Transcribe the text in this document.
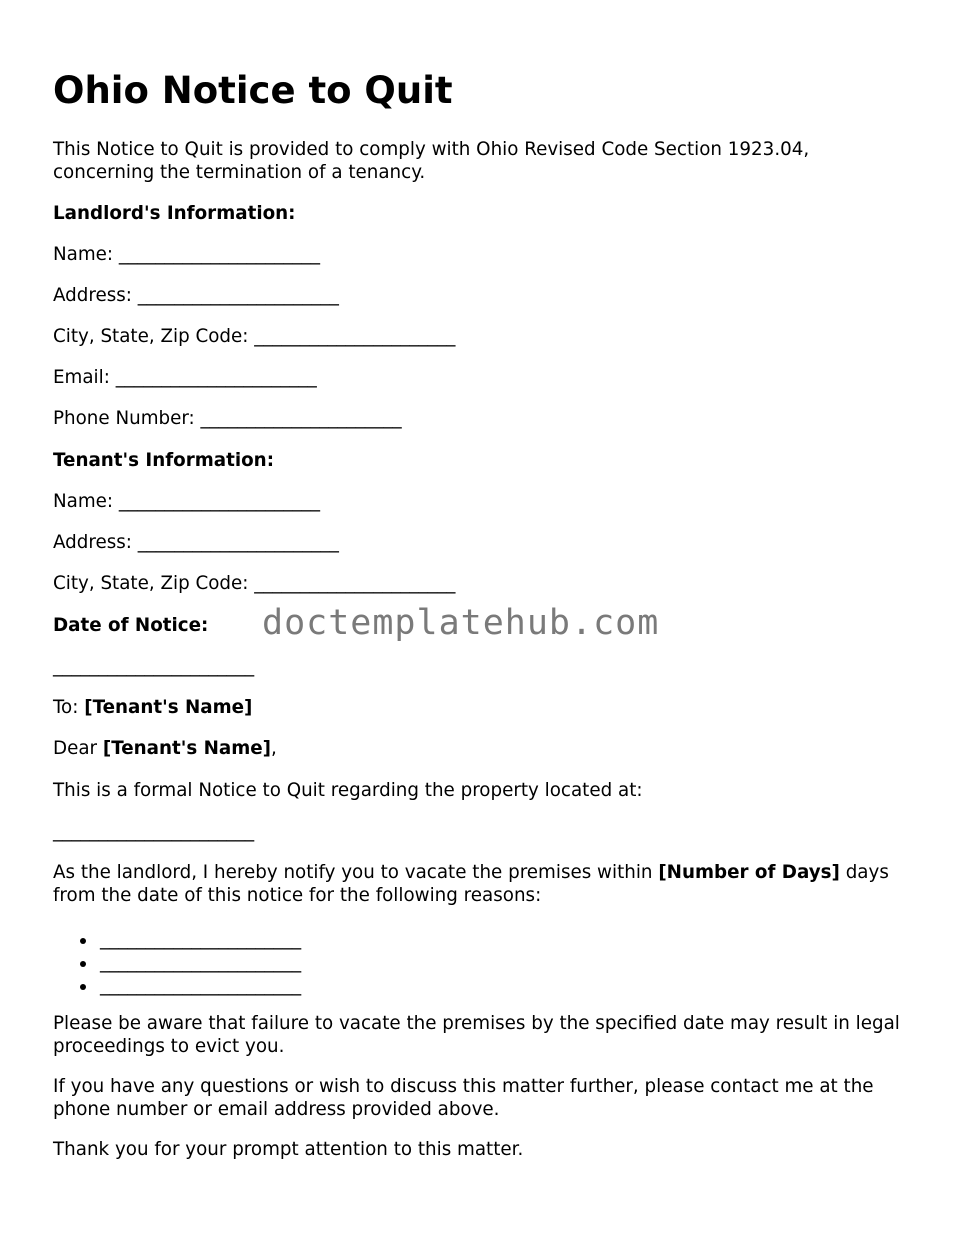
Ohio Notice to Quit

This Notice to Quit is provided to comply with Ohio Revised Code Section 1923.04, concerning the termination of a tenancy.

Landlord's Information:

Name: ______________________

Address: ______________________

City, State, Zip Code: ______________________

Email: ______________________

Phone Number: ______________________

Tenant's Information:

Name: ______________________

Address: ______________________

City, State, Zip Code: ______________________

Date of Notice:

______________________

To: [Tenant's Name]

Dear [Tenant's Name],

This is a formal Notice to Quit regarding the property located at:

______________________

As the landlord, I hereby notify you to vacate the premises within [Number of Days] days from the date of this notice for the following reasons:

______________________
______________________
______________________

Please be aware that failure to vacate the premises by the specified date may result in legal proceedings to evict you.

If you have any questions or wish to discuss this matter further, please contact me at the phone number or email address provided above.

Thank you for your prompt attention to this matter.

doctemplatehub.com
